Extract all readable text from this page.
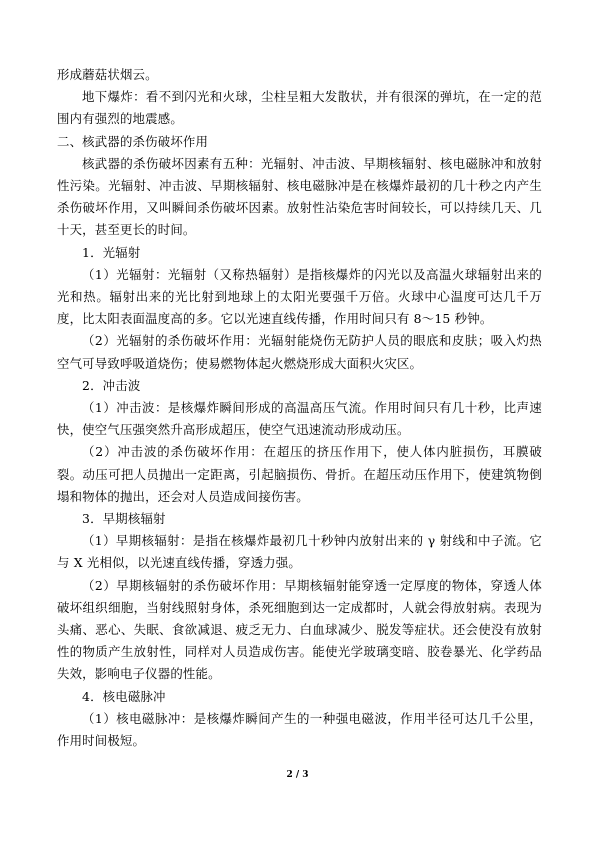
形成蘑菇状烟云。

地下爆炸：看不到闪光和火球，尘柱呈粗大发散状，并有很深的弹坑，在一定的范围内有强烈的地震感。

二、核武器的杀伤破坏作用

核武器的杀伤破坏因素有五种：光辐射、冲击波、早期核辐射、核电磁脉冲和放射性污染。光辐射、冲击波、早期核辐射、核电磁脉冲是在核爆炸最初的几十秒之内产生杀伤破坏作用，又叫瞬间杀伤破坏因素。放射性沾染危害时间较长，可以持续几天、几十天，甚至更长的时间。

1．光辐射

（1）光辐射：光辐射（又称热辐射）是指核爆炸的闪光以及高温火球辐射出来的光和热。辐射出来的光比射到地球上的太阳光要强千万倍。火球中心温度可达几千万度，比太阳表面温度高的多。它以光速直线传播，作用时间只有 8～15 秒钟。

（2）光辐射的杀伤破坏作用：光辐射能烧伤无防护人员的眼底和皮肤；吸入灼热空气可导致呼吸道烧伤；使易燃物体起火燃烧形成大面积火灾区。

2．冲击波

（1）冲击波：是核爆炸瞬间形成的高温高压气流。作用时间只有几十秒，比声速快，使空气压强突然升高形成超压，使空气迅速流动形成动压。

（2）冲击波的杀伤破坏作用：在超压的挤压作用下，使人体内脏损伤，耳膜破裂。动压可把人员抛出一定距离，引起脑损伤、骨折。在超压动压作用下，使建筑物倒塌和物体的抛出，还会对人员造成间接伤害。

3．早期核辐射

（1）早期核辐射：是指在核爆炸最初几十秒钟内放射出来的 γ 射线和中子流。它与 X 光相似，以光速直线传播，穿透力强。

（2）早期核辐射的杀伤破坏作用：早期核辐射能穿透一定厚度的物体，穿透人体破坏组织细胞，当射线照射身体，杀死细胞到达一定成都时，人就会得放射病。表现为头痛、恶心、失眠、食欲减退、疲乏无力、白血球减少、脱发等症状。还会使没有放射性的物质产生放射性，同样对人员造成伤害。能使光学玻璃变暗、胶卷暴光、化学药品失效，影响电子仪器的性能。

4．核电磁脉冲

（1）核电磁脉冲：是核爆炸瞬间产生的一种强电磁波，作用半径可达几千公里，作用时间极短。

2 / 3
